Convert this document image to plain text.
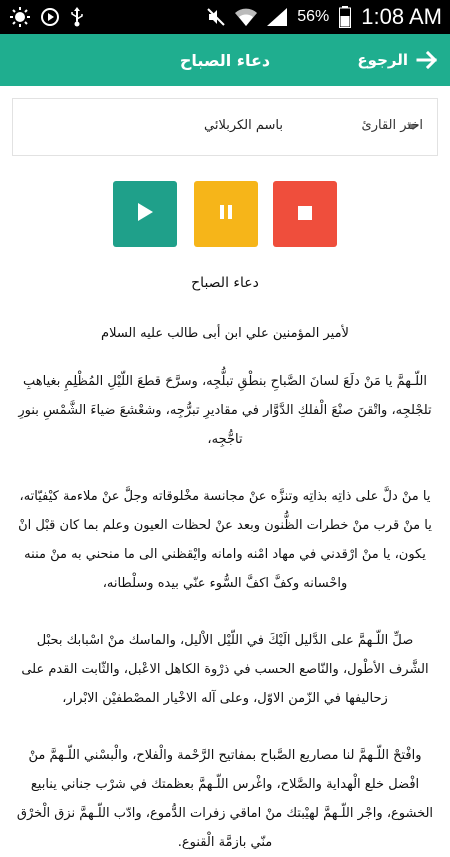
56% 1:08 AM
دعاء الصباح	الرجوع
باسم الكربلائي	اختر القارئ
دعاء الصباح
لأمير المؤمنين علي ابن أبى طالب عليه السلام

اللّـهمَّ يا مَنْ دلَعَ لسانَ الصَّباحِ بنطْقِ تبلُّجِه، وسرَّحَ قطعَ اللّيْلِ المُظْلِمِ بغياهبِ تلجْلجِه، واتْقنَ صنْعَ الْفلكِ الدَّوَّار في مقاديرِ تبرُّجِه، وشعْشعَ ضياءَ الشَّمْسِ بنورِ تاجُّجِه،

يا منْ دلَّ على ذاتِه بذاتِه وتنزَّه عنْ مجانسة مخْلوقاته وجلَّ عنْ ملاءمة كيْفيّاته، يا منْ قرب منْ خطرات الظُّنون وبعد عنْ لحظات العيون وعلم بما كان قبْل انْ يكون، يا منْ ارْقدني في مهاد امْنه وامانه وايْقظني الى ما منحني به منْ مننه واحْسانه وكفَّ اكفَّ السُّوء عنّي بيده وسلْطانه،

صلِّ اللّـهمَّ على الدَّليل الَيْكَ في اللّيْل الاْليل، والماسك منْ اسْبابك بحبْل الشَّرف الأطْول، والنّاصع الحسب في ذرْوة الكاهل الاعْبل، والثّابت القدم على زحاليفها في الزّمن الاوّل، وعلى آله الاخْيار المصْطفيْن الابْرار،

وافْتحْ اللّـهمَّ لنا مصاريع الصَّباح بمفاتيح الرَّحْمة والْفلاح، والْبسْني اللّـهمَّ منْ افْضل خلع الْهداية والصَّلاح، واغْرس اللّـهمَّ بعظمتك في شرْب جناني ينابيع الخشوع، واجْر اللّـهمَّ لهيْبتك منْ اماقي زفرات الدُّموع، وادّب اللّـهمَّ نزق الْخرْق منّي بازمَّة الْقنوع.
